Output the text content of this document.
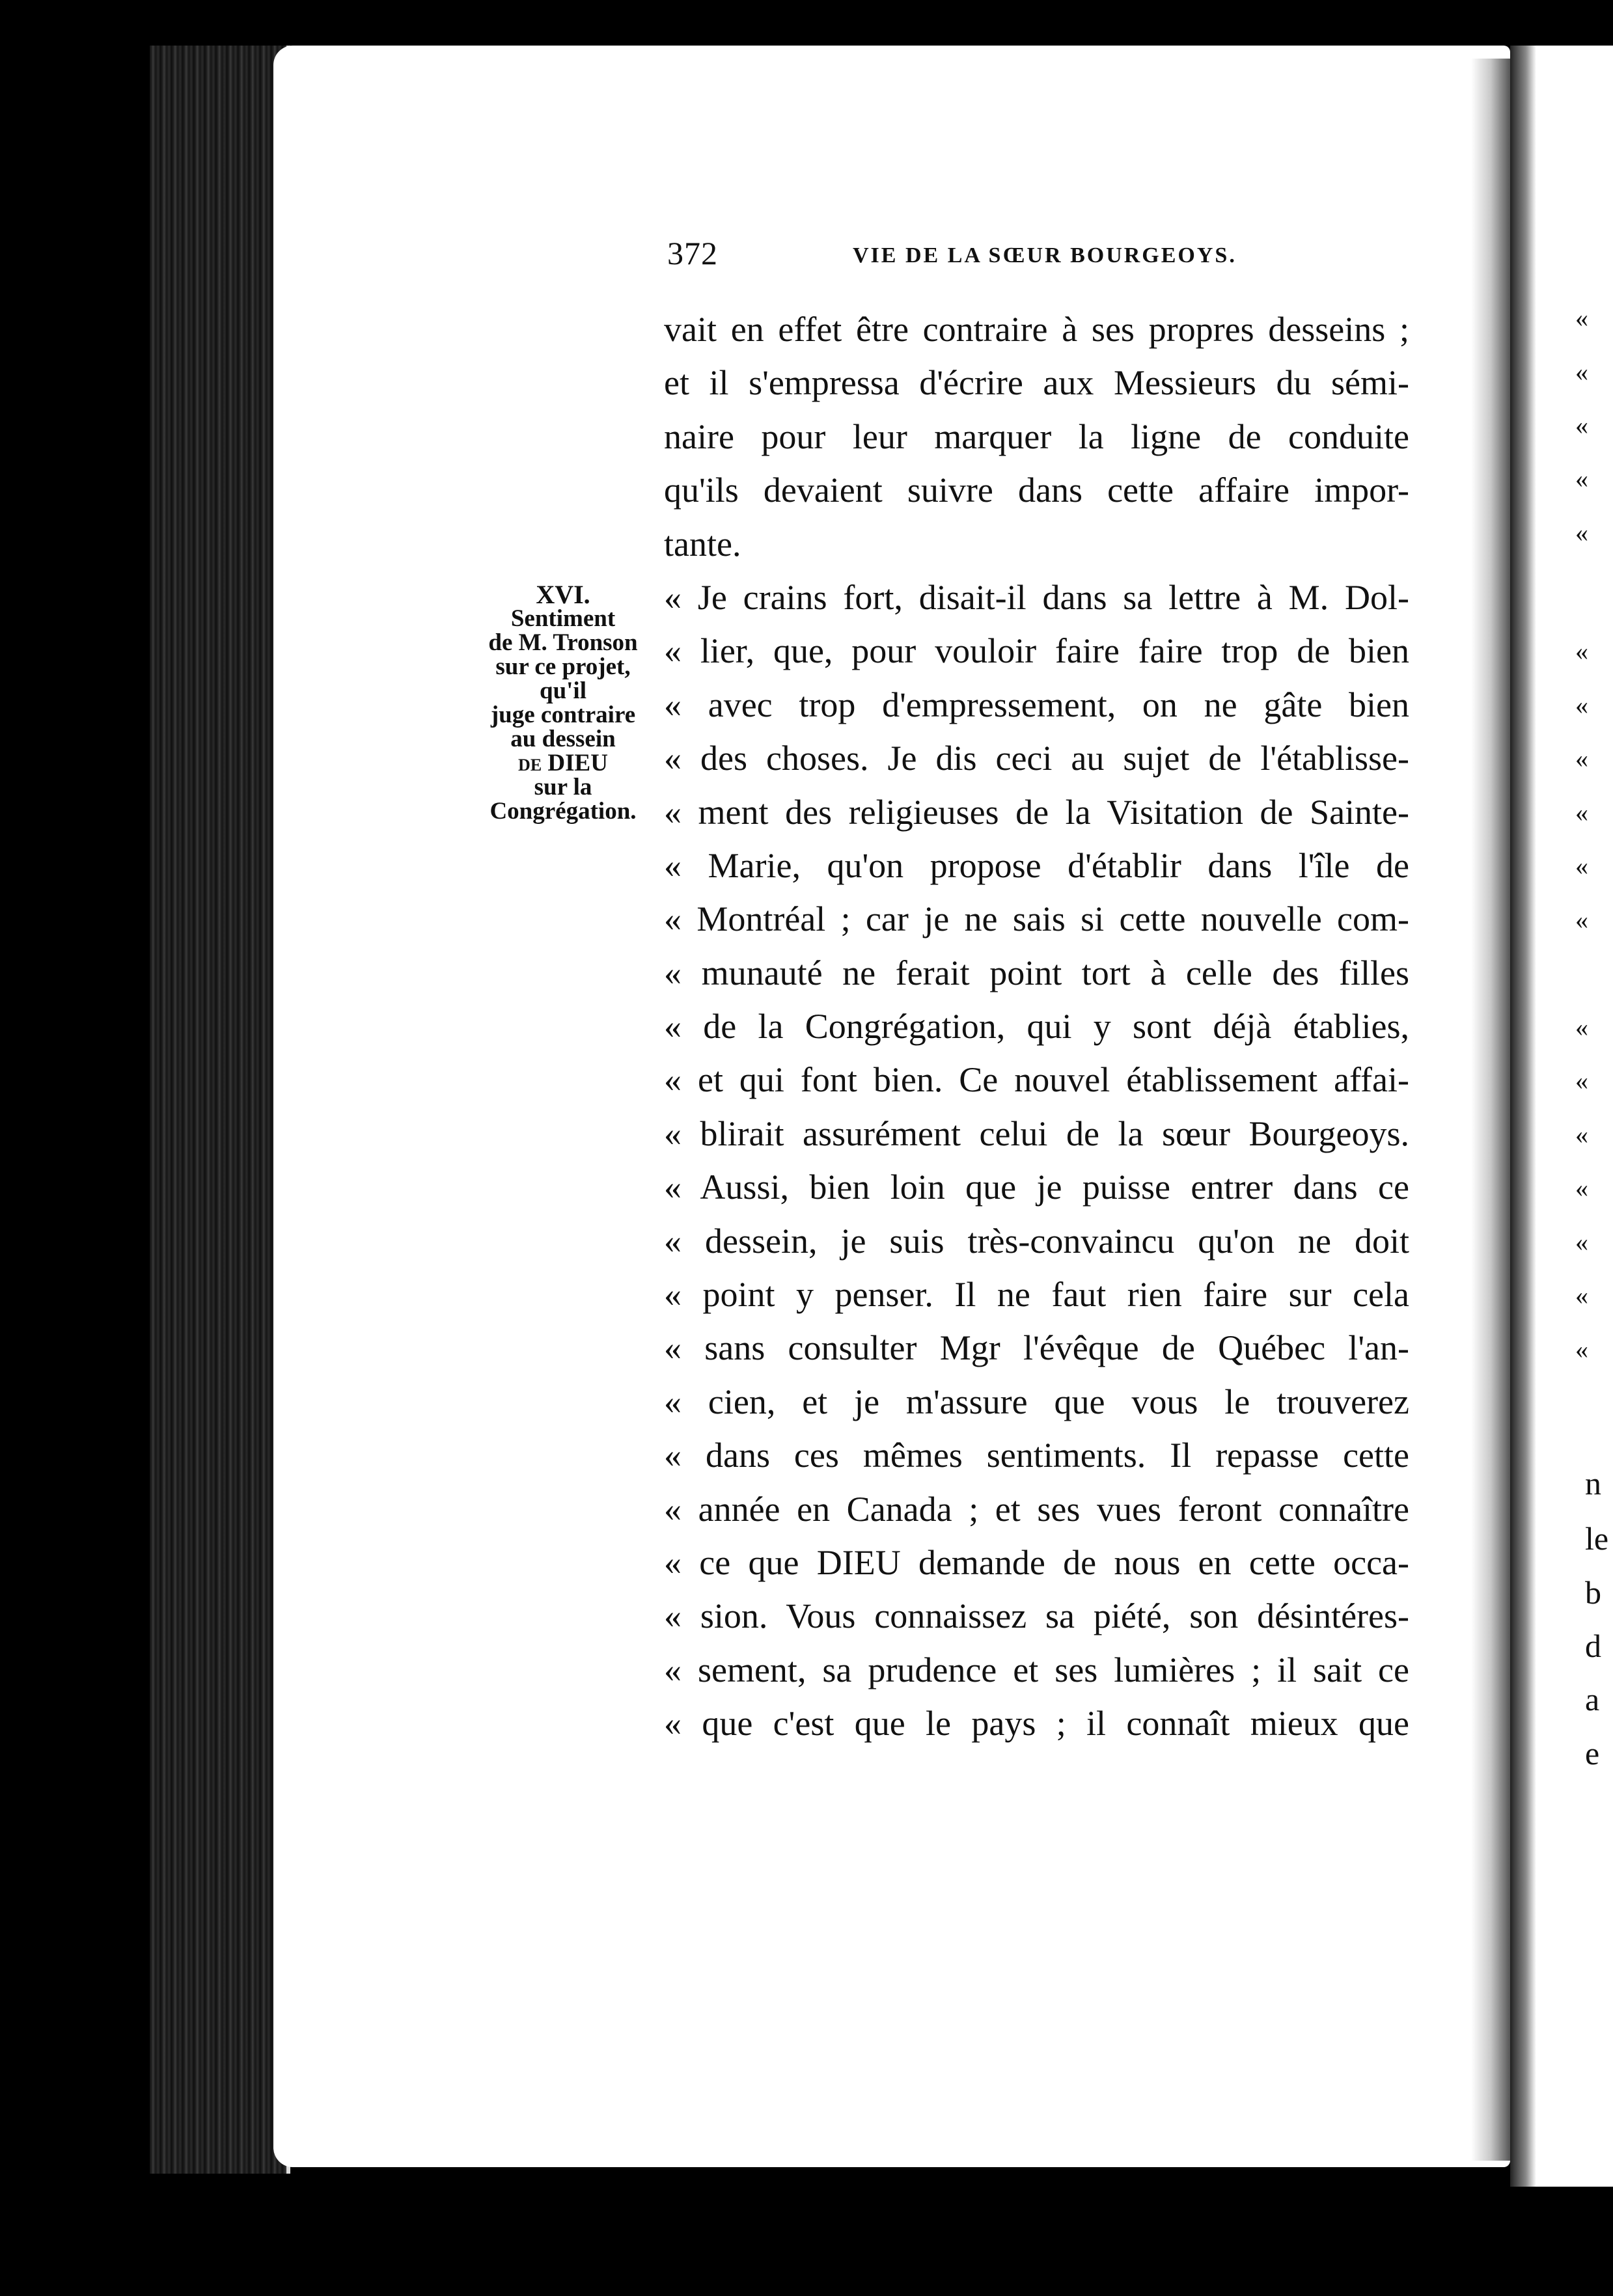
372	VIE DE LA SŒUR BOURGEOYS.
XVI.
Sentiment
de M. Tronson
sur ce projet,
qu'il
juge contraire
au dessein
de DIEU
sur la
Congrégation.
vait en effet être contraire à ses propres desseins ;
et il s'empressa d'écrire aux Messieurs du sémi-
naire pour leur marquer la ligne de conduite
qu'ils devaient suivre dans cette affaire impor-
tante.
« Je crains fort, disait-il dans sa lettre à M. Dol-
« lier, que, pour vouloir faire faire trop de bien
« avec trop d'empressement, on ne gâte bien
« des choses. Je dis ceci au sujet de l'établisse-
« ment des religieuses de la Visitation de Sainte-
« Marie, qu'on propose d'établir dans l'île de
« Montréal ; car je ne sais si cette nouvelle com-
« munauté ne ferait point tort à celle des filles
« de la Congrégation, qui y sont déjà établies,
« et qui font bien. Ce nouvel établissement affai-
« blirait assurément celui de la sœur Bourgeoys.
« Aussi, bien loin que je puisse entrer dans ce
« dessein, je suis très-convaincu qu'on ne doit
« point y penser. Il ne faut rien faire sur cela
« sans consulter Mgr l'évêque de Québec l'an-
« cien, et je m'assure que vous le trouverez
« dans ces mêmes sentiments. Il repasse cette
« année en Canada ; et ses vues feront connaître
« ce que DIEU demande de nous en cette occa-
« sion. Vous connaissez sa piété, son désintéres-
« sement, sa prudence et ses lumières ; il sait ce
« que c'est que le pays ; il connaît mieux que
«
«
«
«
«
«
«
«
«
«
«
«
«
«
«
«
«
«
n
le
b
d
a
e
